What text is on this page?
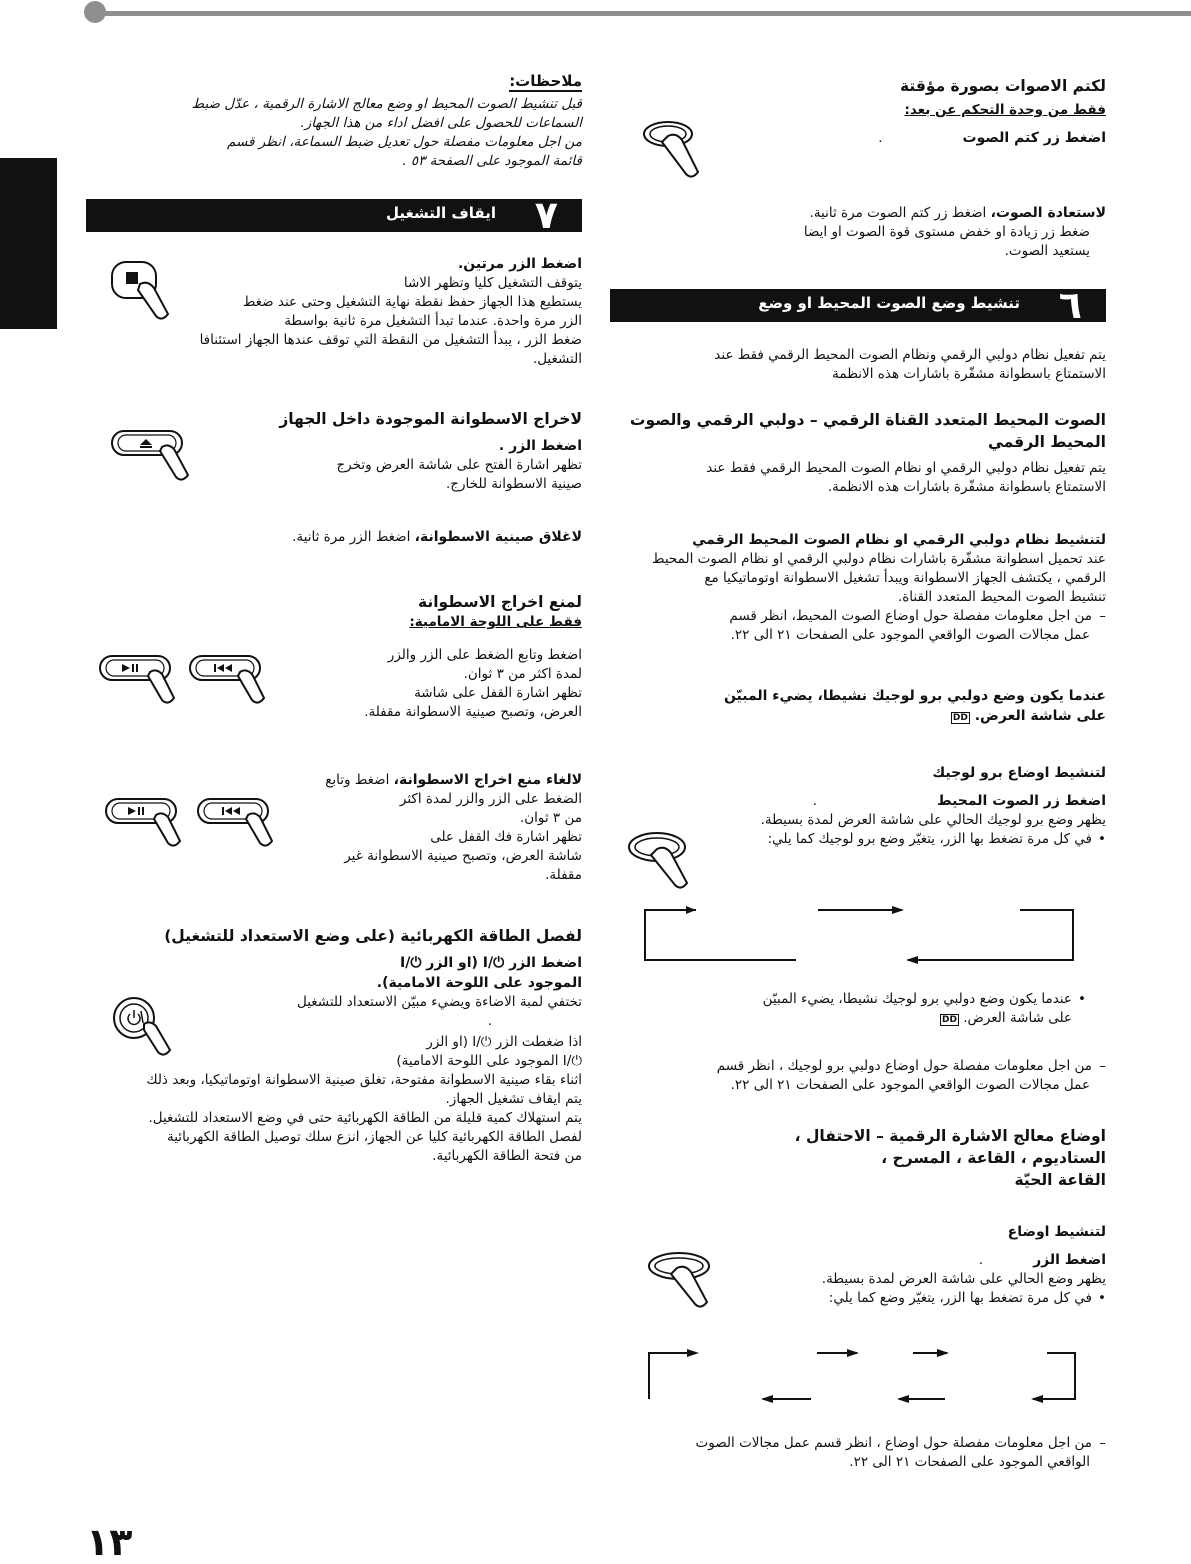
١٣

لكتم الاصوات بصورة مؤقتة

فقط من وحدة التحكم عن بعد:

اضغط زر كتم الصوت.

لاستعادة الصوت، اضغط زر كتم الصوت مرة ثانية.

ضغط زر زيادة او خفض مستوى قوة الصوت او ايضا

يستعيد الصوت.

٦
تنشيط وضع الصوت المحيط او وضع

يتم تفعيل نظام دولبي الرقمي ونظام الصوت المحيط الرقمي فقط عند

الاستمتاع باسطوانة مشفّرة باشارات هذه الانظمة

الصوت المحيط المتعدد القناة الرقمي – دولبي الرقمي والصوت

المحيط الرقمي

يتم تفعيل نظام دولبي الرقمي او نظام الصوت المحيط الرقمي فقط عند

الاستمتاع باسطوانة مشفّرة باشارات هذه الانظمة.

لتنشيط نظام دولبي الرقمي او نظام الصوت المحيط الرقمي

عند تحميل اسطوانة مشفّرة باشارات نظام دولبي الرقمي او نظام الصوت المحيط

الرقمي ، يكتشف الجهاز الاسطوانة ويبدأ تشغيل الاسطوانة اوتوماتيكيا مع

تنشيط الصوت المحيط المتعدد القناة.

– من اجل معلومات مفصلة حول اوضاع الصوت المحيط، انظر قسم

عمل مجالات الصوت الواقعي الموجود على الصفحات ٢١ الى ٢٢.

عندما يكون وضع دولبي برو لوجيك نشيطا، يضيء المبيّن

على شاشة العرض. DD

لتنشيط اوضاع برو لوجيك

اضغط زر الصوت المحيط.

يظهر وضع برو لوجيك الحالي على شاشة العرض لمدة بسيطة.

• في كل مرة تضغط بها الزر، يتغيّر وضع برو لوجيك كما يلي:

• عندما يكون وضع دولبي برو لوجيك نشيطا، يضيء المبيّن

على شاشة العرض. DD

– من اجل معلومات مفصلة حول اوضاع دولبي برو لوجيك ، انظر قسم

عمل مجالات الصوت الواقعي الموجود على الصفحات ٢١ الى ٢٢.

اوضاع معالج الاشارة الرقمية – الاحتفال ،

الستاديوم ، القاعة ، المسرح ،

القاعة الحيّة

لتنشيط اوضاع

اضغط الزر.

يظهر وضع الحالي على شاشة العرض لمدة بسيطة.

• في كل مرة تضغط بها الزر، يتغيّر وضع كما يلي:

– من اجل معلومات مفصلة حول اوضاع ، انظر قسم عمل مجالات الصوت

الواقعي الموجود على الصفحات ٢١ الى ٢٢.

ملاحظات:

قبل تنشيط الصوت المحيط او وضع معالج الاشارة الرقمية ، عدّل ضبط

السماعات للحصول على افضل اداء من هذا الجهاز.

من اجل معلومات مفصلة حول تعديل ضبط السماعة، انظر قسم

قائمة الموجود على الصفحة ٥٣ .

٧
ايقاف التشغيل

اضغط الزر مرتين.

يتوقف التشغيل كليا وتظهر الاشا

يستطيع هذا الجهاز حفظ نقطة نهاية التشغيل وحتى عند ضغط

الزر مرة واحدة. عندما تبدأ التشغيل مرة ثانية بواسطة

ضغط الزر ، يبدأ التشغيل من النقطة التي توقف عندها الجهاز استئنافا

التشغيل.

لاخراج الاسطوانة الموجودة داخل الجهاز

اضغط الزر .

تظهر اشارة الفتح على شاشة العرض وتخرج

صينية الاسطوانة للخارج.

لاغلاق صينية الاسطوانة، اضغط الزر مرة ثانية.

لمنع اخراج الاسطوانة

فقط على اللوحة الامامية:

اضغط وتابع الضغط على الزر والزر

لمدة اكثر من ٣ ثوان.

تظهر اشارة القفل على شاشة

العرض، وتصبح صينية الاسطوانة مقفلة.

لالغاء منع اخراج الاسطوانة، اضغط وتابع

الضغط على الزر والزر لمدة اكثر

من ٣ ثوان.

تظهر اشارة فك القفل على

شاشة العرض، وتصبح صينية الاسطوانة غير

مقفلة.

لفصل الطاقة الكهربائية (على وضع الاستعداد للتشغيل)

اضغط الزر ⏻/I (او الزر ⏻/I

الموجود على اللوحة الامامية).

تختفي لمبة الاضاءة ويضيء مبيّن الاستعداد للتشغيل

.

اذا ضغطت الزر ⏻/I (او الزر

⏻/I الموجود على اللوحة الامامية)

اثناء بقاء صينية الاسطوانة مفتوحة، تغلق صينية الاسطوانة اوتوماتيكيا، وبعد ذلك

يتم ايقاف تشغيل الجهاز.

يتم استهلاك كمية قليلة من الطاقة الكهربائية حتى في وضع الاستعداد للتشغيل.

لفصل الطاقة الكهربائية كليا عن الجهاز، انزع سلك توصيل الطاقة الكهربائية

من فتحة الطاقة الكهربائية.
